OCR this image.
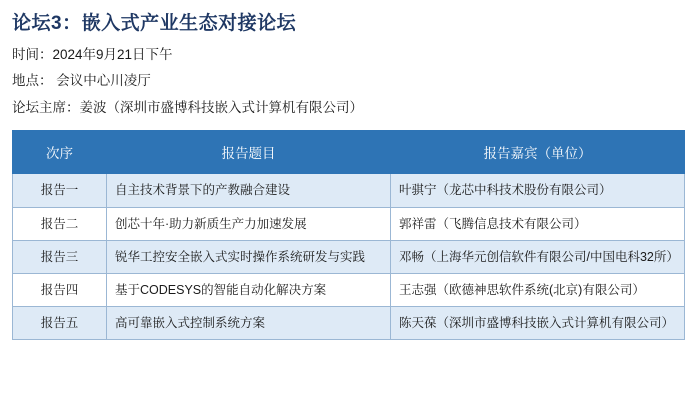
论坛3：嵌入式产业生态对接论坛
时间：2024年9月21日下午
地点： 会议中心川凌厅
论坛主席：姜波（深圳市盛博科技嵌入式计算机有限公司）
次序	报告题目	报告嘉宾（单位）
报告一	自主技术背景下的产教融合建设	叶骐宁（龙芯中科技术股份有限公司）
报告二	创芯十年·助力新质生产力加速发展	郭祥雷（飞腾信息技术有限公司）
报告三	锐华工控安全嵌入式实时操作系统研发与实践	邓畅（上海华元创信软件有限公司/中国电科32所）
报告四	基于CODESYS的智能自动化解决方案	王志强（欧德神思软件系统(北京)有限公司）
报告五	高可靠嵌入式控制系统方案	陈天葆（深圳市盛博科技嵌入式计算机有限公司）
